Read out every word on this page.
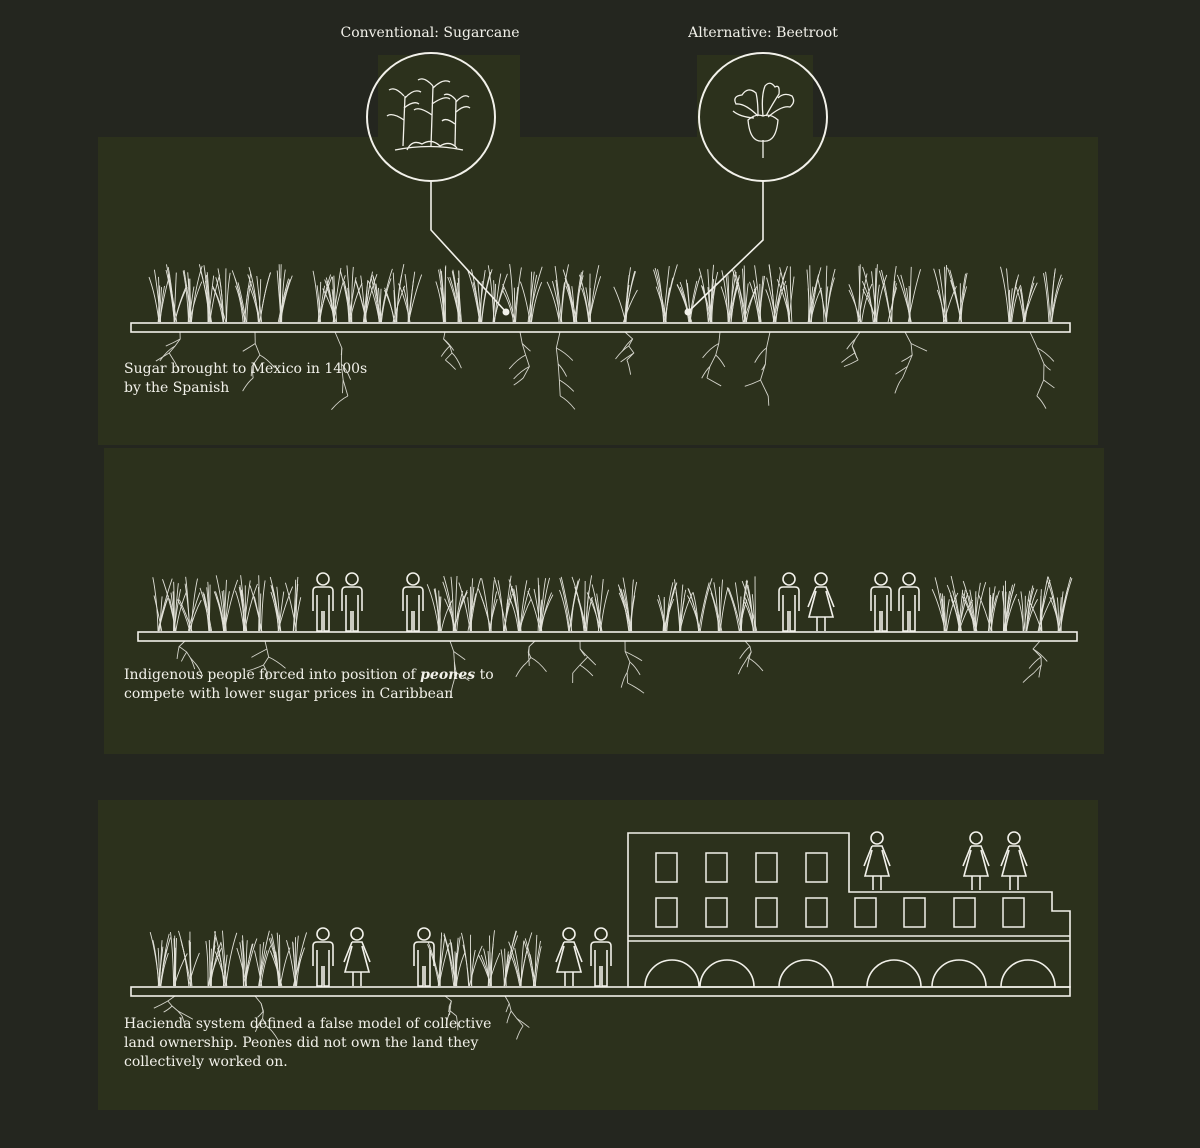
Conventional: Sugarcane	Alternative: Beetroot
Sugar brought to Mexico in 1400s
by the Spanish
Indigenous people forced into position of peones to
compete with lower sugar prices in Caribbean
Hacienda system defined a false model of collective
land ownership. Peones did not own the land they
collectively worked on.
